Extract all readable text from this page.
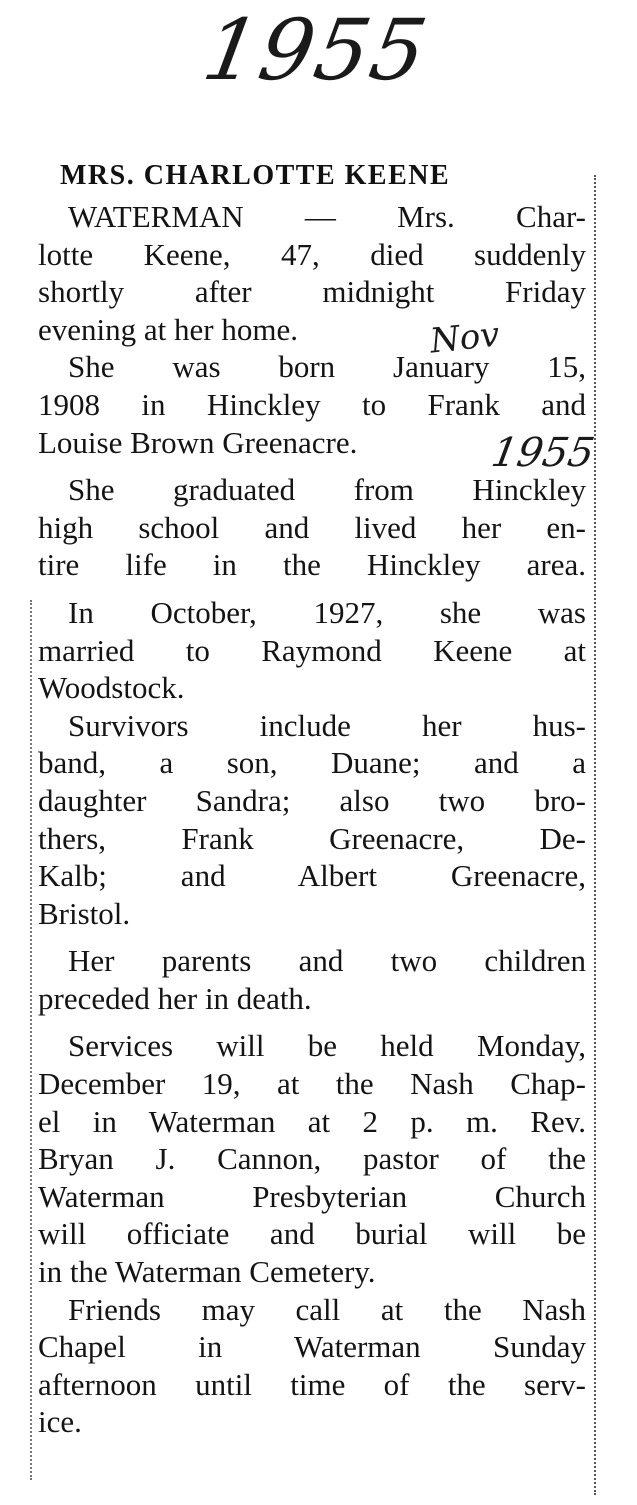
1955
MRS. CHARLOTTE KEENE
WATERMAN — Mrs. Char-
lotte Keene, 47, died suddenly
shortly after midnight Friday
evening at her home.
She was born January 15,
1908 in Hinckley to Frank and
Louise Brown Greenacre.
She graduated from Hinckley
high school and lived her en-
tire life in the Hinckley area.
In October, 1927, she was
married to Raymond Keene at
Woodstock.
Survivors include her hus-
band, a son, Duane; and a
daughter Sandra; also two bro-
thers, Frank Greenacre, De-
Kalb; and Albert Greenacre,
Bristol.
Her parents and two children
preceded her in death.
Services will be held Monday,
December 19, at the Nash Chap-
el in Waterman at 2 p. m. Rev.
Bryan J. Cannon, pastor of the
Waterman Presbyterian Church
will officiate and burial will be
in the Waterman Cemetery.
Friends may call at the Nash
Chapel in Waterman Sunday
afternoon until time of the serv-
ice.
Nov
1955
